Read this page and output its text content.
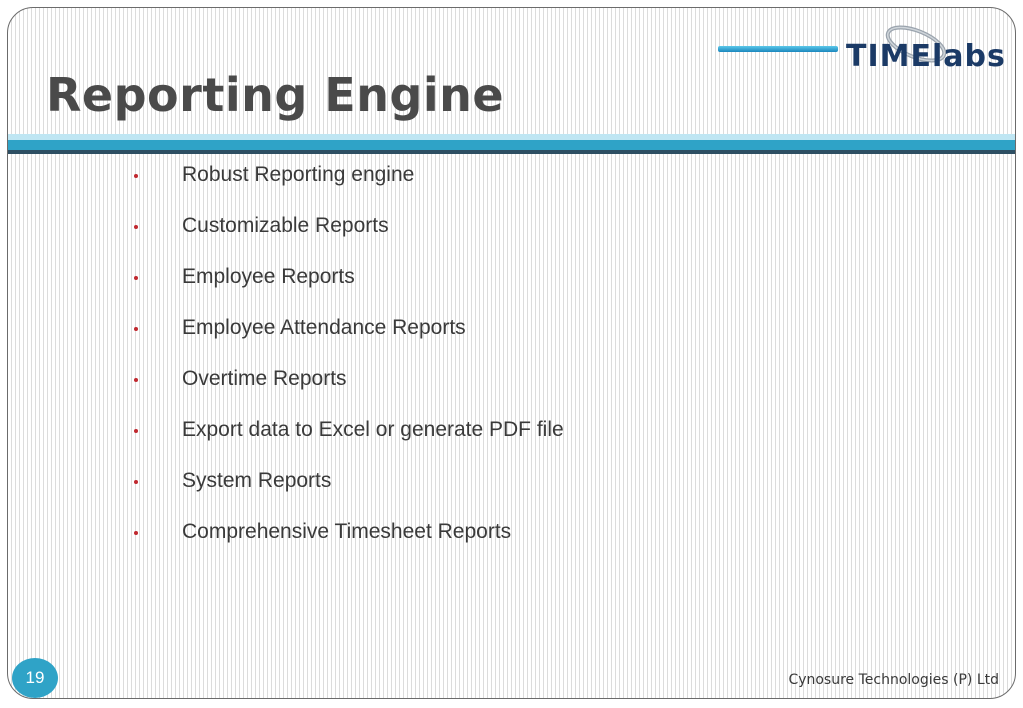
TIME labs
Reporting Engine
Robust Reporting engine
Customizable Reports
Employee Reports
Employee Attendance Reports
Overtime Reports
Export data to Excel or generate PDF file
System Reports
Comprehensive Timesheet Reports
19	Cynosure Technologies (P) Ltd
